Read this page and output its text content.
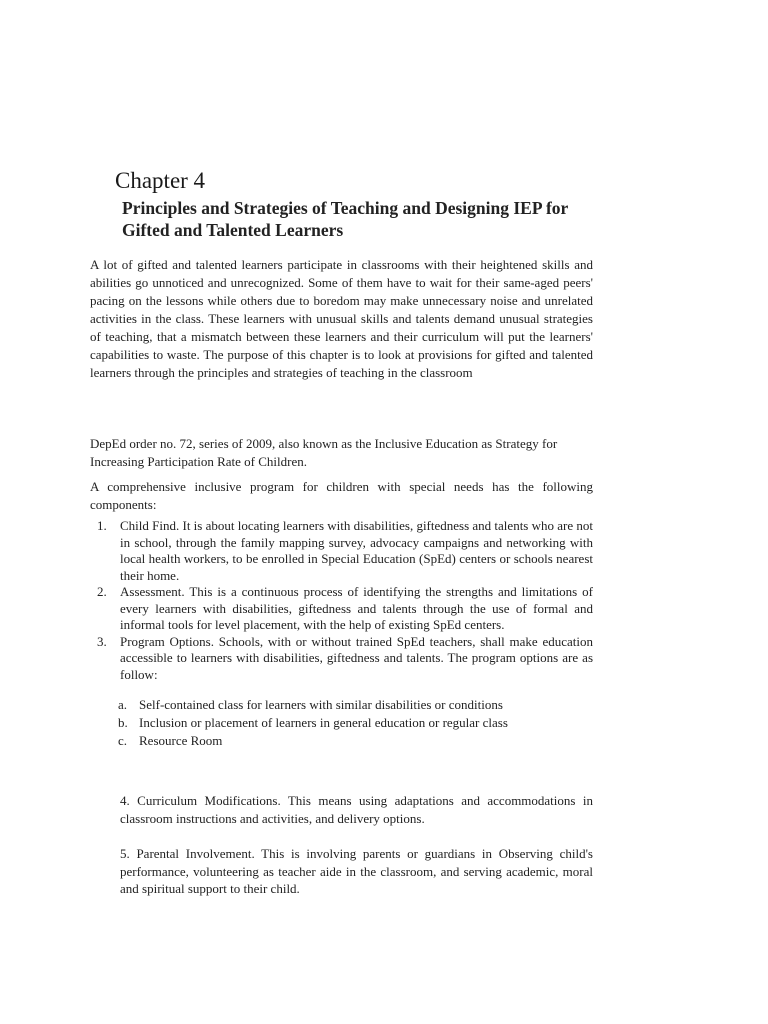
Chapter 4
Principles and Strategies of Teaching and Designing IEP for Gifted and Talented Learners

A lot of gifted and talented learners participate in classrooms with their heightened skills and abilities go unnoticed and unrecognized. Some of them have to wait for their same-aged peers' pacing on the lessons while others due to boredom may make unnecessary noise and unrelated activities in the class. These learners with unusual skills and talents demand unusual strategies of teaching, that a mismatch between these learners and their curriculum will put the learners' capabilities to waste. The purpose of this chapter is to look at provisions for gifted and talented learners through the principles and strategies of teaching in the classroom

DepEd order no. 72, series of 2009, also known as the Inclusive Education as Strategy for Increasing Participation Rate of Children.

A comprehensive inclusive program for children with special needs has the following components:

1. Child Find. It is about locating learners with disabilities, giftedness and talents who are not in school, through the family mapping survey, advocacy campaigns and networking with local health workers, to be enrolled in Special Education (SpEd) centers or schools nearest their home.
2. Assessment. This is a continuous process of identifying the strengths and limitations of every learners with disabilities, giftedness and talents through the use of formal and informal tools for level placement, with the help of existing SpEd centers.
3. Program Options. Schools, with or without trained SpEd teachers, shall make education accessible to learners with disabilities, giftedness and talents. The program options are as follow:
a. Self-contained class for learners with similar disabilities or conditions
b. Inclusion or placement of learners in general education or regular class
c. Resource Room

4. Curriculum Modifications. This means using adaptations and accommodations in classroom instructions and activities, and delivery options.

5. Parental Involvement. This is involving parents or guardians in Observing child's performance, volunteering as teacher aide in the classroom, and serving academic, moral and spiritual support to their child.
